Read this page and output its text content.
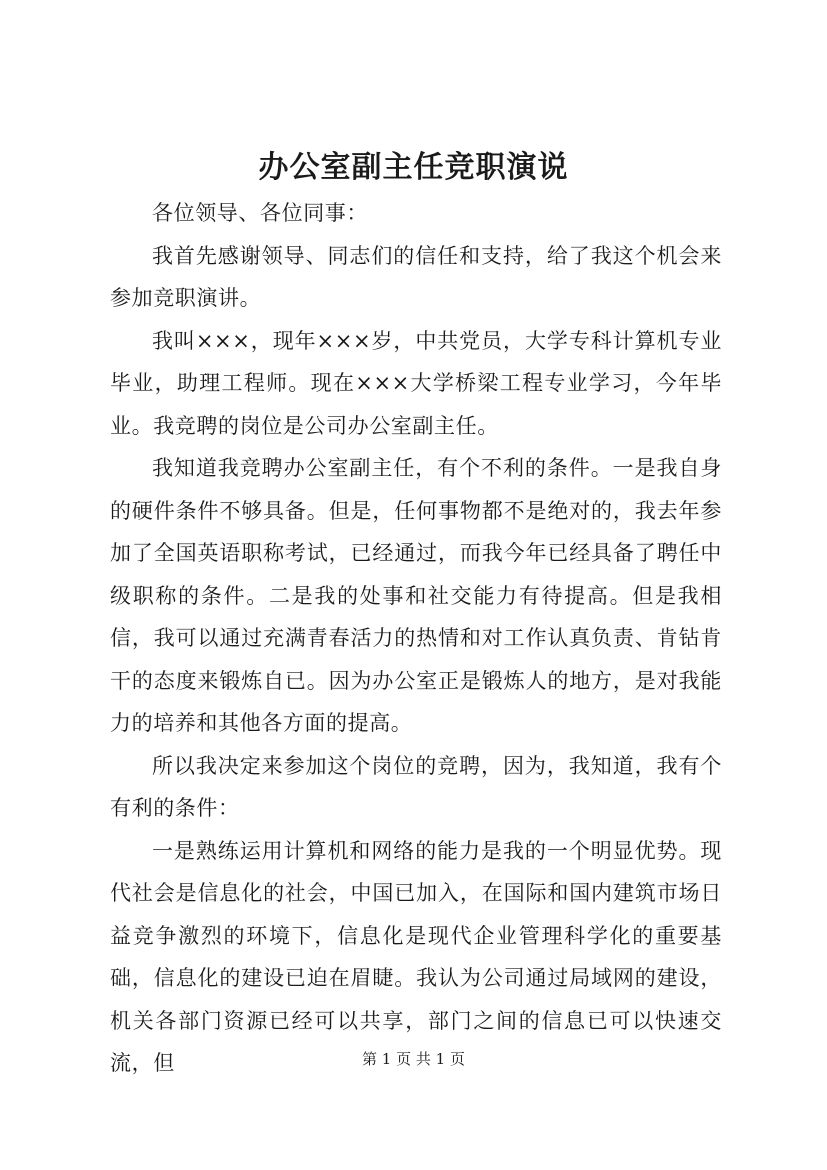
办公室副主任竞职演说

各位领导、各位同事：

我首先感谢领导、同志们的信任和支持，给了我这个机会来参加竞职演讲。

我叫×××，现年×××岁，中共党员，大学专科计算机专业毕业，助理工程师。现在×××大学桥梁工程专业学习，今年毕业。我竞聘的岗位是公司办公室副主任。

我知道我竞聘办公室副主任，有个不利的条件。一是我自身的硬件条件不够具备。但是，任何事物都不是绝对的，我去年参加了全国英语职称考试，已经通过，而我今年已经具备了聘任中级职称的条件。二是我的处事和社交能力有待提高。但是我相信，我可以通过充满青春活力的热情和对工作认真负责、肯钻肯干的态度来锻炼自已。因为办公室正是锻炼人的地方，是对我能力的培养和其他各方面的提高。

所以我决定来参加这个岗位的竞聘，因为，我知道，我有个有利的条件：

一是熟练运用计算机和网络的能力是我的一个明显优势。现代社会是信息化的社会，中国已加入，在国际和国内建筑市场日益竞争激烈的环境下，信息化是现代企业管理科学化的重要基础，信息化的建设已迫在眉睫。我认为公司通过局域网的建设，机关各部门资源已经可以共享，部门之间的信息已可以快速交流，但	第 1 页 共 1 页
